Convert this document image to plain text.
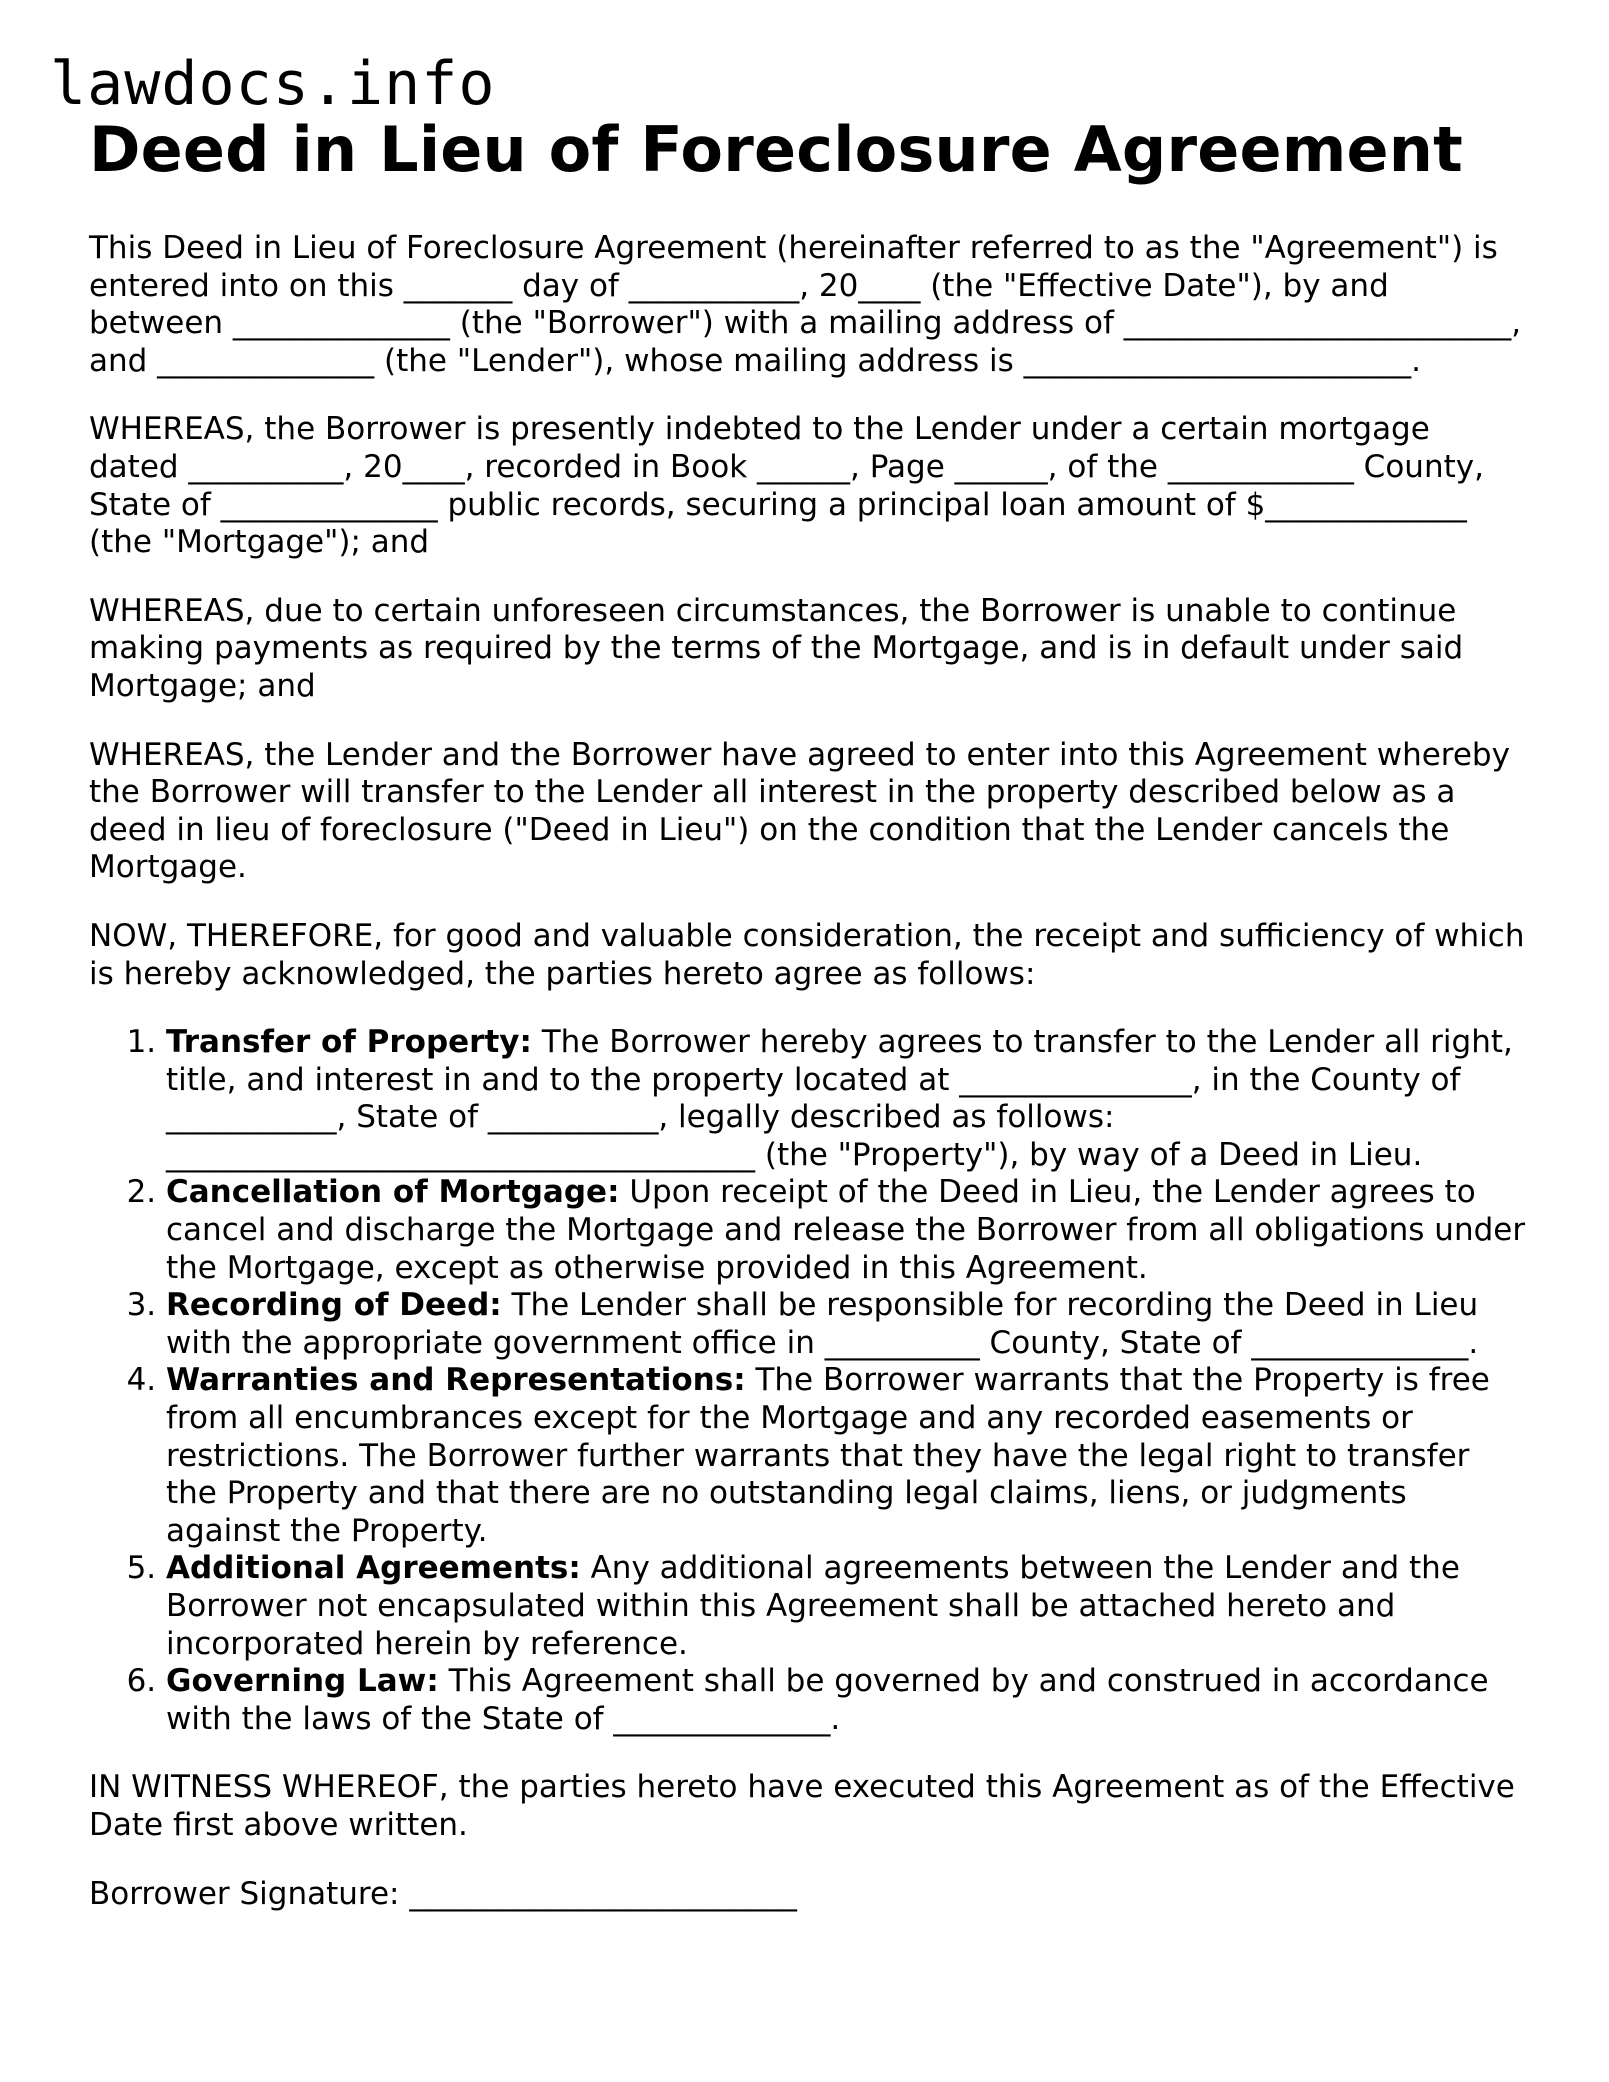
lawdocs.info
Deed in Lieu of Foreclosure Agreement

This Deed in Lieu of Foreclosure Agreement (hereinafter referred to as the "Agreement") is entered into on this _______ day of ___________, 20____ (the "Effective Date"), by and between ______________ (the "Borrower") with a mailing address of _________________________, and ______________ (the "Lender"), whose mailing address is _________________________.

WHEREAS, the Borrower is presently indebted to the Lender under a certain mortgage dated __________, 20____, recorded in Book ______, Page ______, of the ____________ County, State of ______________ public records, securing a principal loan amount of $_____________ (the "Mortgage"); and

WHEREAS, due to certain unforeseen circumstances, the Borrower is unable to continue making payments as required by the terms of the Mortgage, and is in default under said Mortgage; and

WHEREAS, the Lender and the Borrower have agreed to enter into this Agreement whereby the Borrower will transfer to the Lender all interest in the property described below as a deed in lieu of foreclosure ("Deed in Lieu") on the condition that the Lender cancels the Mortgage.

NOW, THEREFORE, for good and valuable consideration, the receipt and sufficiency of which is hereby acknowledged, the parties hereto agree as follows:

1. Transfer of Property: The Borrower hereby agrees to transfer to the Lender all right, title, and interest in and to the property located at _______________, in the County of ___________, State of ___________, legally described as follows: ______________________________________ (the "Property"), by way of a Deed in Lieu.
2. Cancellation of Mortgage: Upon receipt of the Deed in Lieu, the Lender agrees to cancel and discharge the Mortgage and release the Borrower from all obligations under the Mortgage, except as otherwise provided in this Agreement.
3. Recording of Deed: The Lender shall be responsible for recording the Deed in Lieu with the appropriate government office in __________ County, State of ______________.
4. Warranties and Representations: The Borrower warrants that the Property is free from all encumbrances except for the Mortgage and any recorded easements or restrictions. The Borrower further warrants that they have the legal right to transfer the Property and that there are no outstanding legal claims, liens, or judgments against the Property.
5. Additional Agreements: Any additional agreements between the Lender and the Borrower not encapsulated within this Agreement shall be attached hereto and incorporated herein by reference.
6. Governing Law: This Agreement shall be governed by and construed in accordance with the laws of the State of ______________.

IN WITNESS WHEREOF, the parties hereto have executed this Agreement as of the Effective Date first above written.

Borrower Signature: _________________________
